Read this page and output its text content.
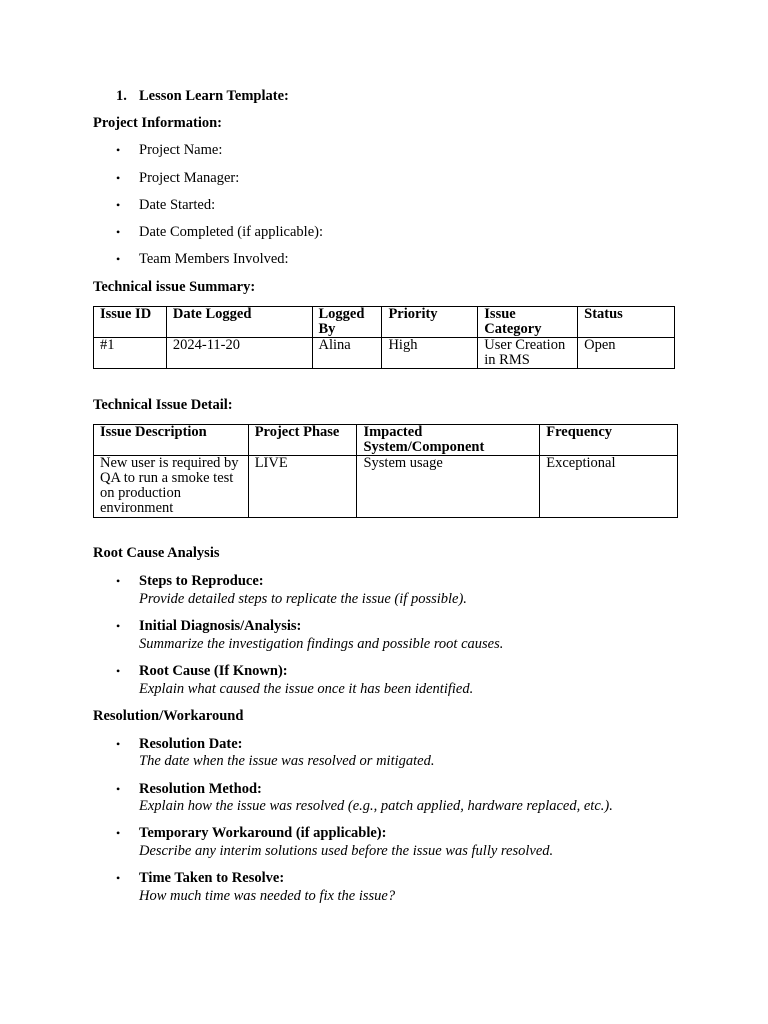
1. Lesson Learn Template:
Project Information:
• Project Name:
• Project Manager:
• Date Started:
• Date Completed (if applicable):
• Team Members Involved:
Technical issue Summary:
Issue ID	Date Logged	Logged By	Priority	Issue Category	Status
#1	2024-11-20	Alina	High	User Creation in RMS	Open
Technical Issue Detail:
Issue Description	Project Phase	Impacted System/Component	Frequency
New user is required by QA to run a smoke test on production environment	LIVE	System usage	Exceptional
Root Cause Analysis
• Steps to Reproduce:
Provide detailed steps to replicate the issue (if possible).
• Initial Diagnosis/Analysis:
Summarize the investigation findings and possible root causes.
• Root Cause (If Known):
Explain what caused the issue once it has been identified.
Resolution/Workaround
• Resolution Date:
The date when the issue was resolved or mitigated.
• Resolution Method:
Explain how the issue was resolved (e.g., patch applied, hardware replaced, etc.).
• Temporary Workaround (if applicable):
Describe any interim solutions used before the issue was fully resolved.
• Time Taken to Resolve:
How much time was needed to fix the issue?
